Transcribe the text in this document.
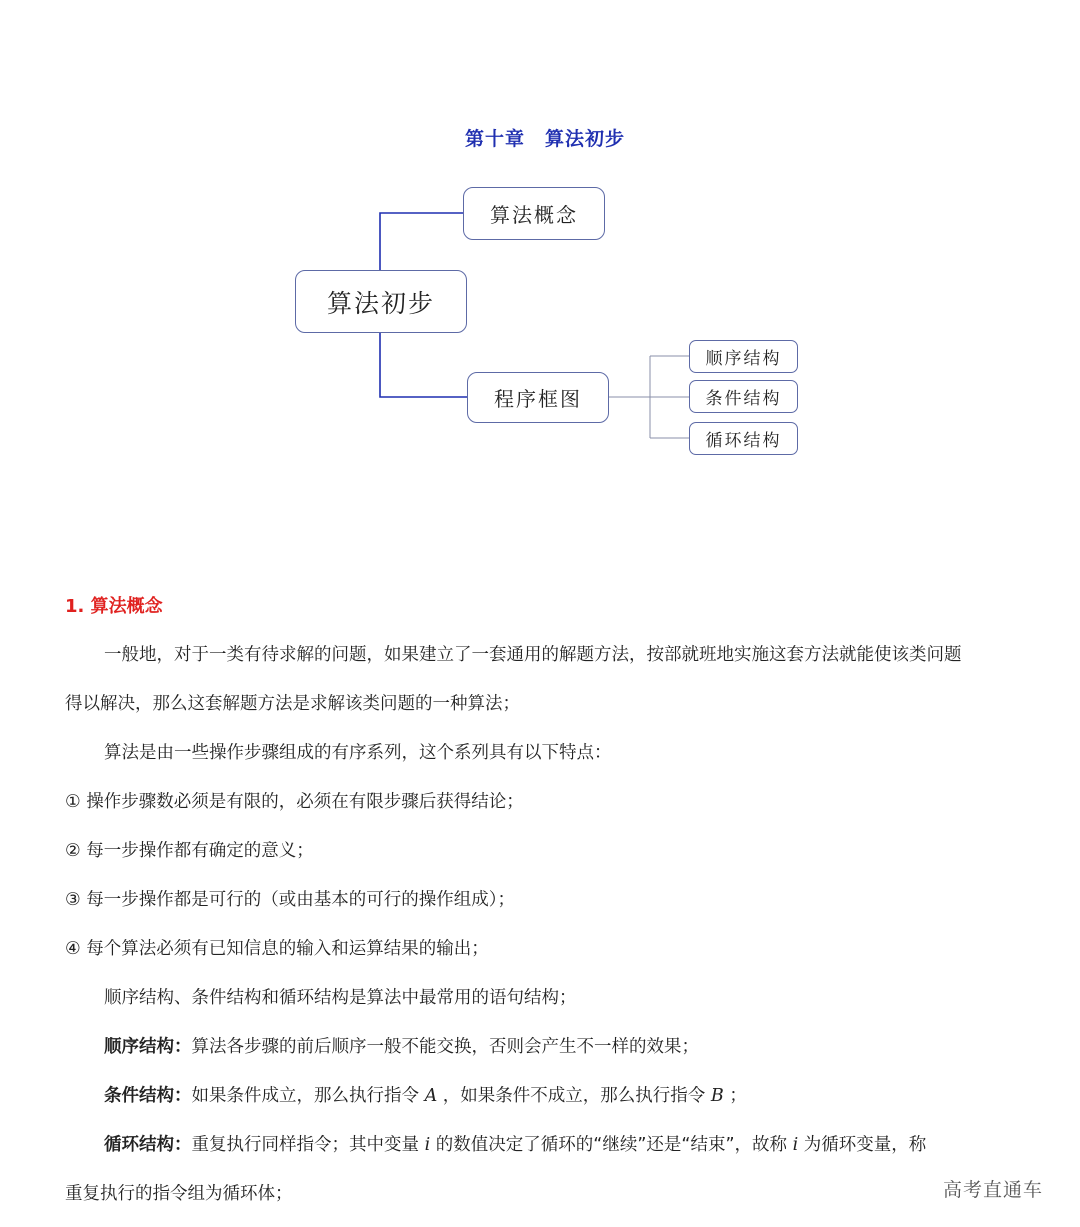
第十章　算法初步
算法初步
算法概念
程序框图
顺序结构
条件结构
循环结构
1. 算法概念
一般地，对于一类有待求解的问题，如果建立了一套通用的解题方法，按部就班地实施这套方法就能使该类问题
得以解决，那么这套解题方法是求解该类问题的一种算法；
算法是由一些操作步骤组成的有序系列，这个系列具有以下特点：
① 操作步骤数必须是有限的，必须在有限步骤后获得结论；
② 每一步操作都有确定的意义；
③ 每一步操作都是可行的（或由基本的可行的操作组成）；
④ 每个算法必须有已知信息的输入和运算结果的输出；
顺序结构、条件结构和循环结构是算法中最常用的语句结构；
顺序结构：算法各步骤的前后顺序一般不能交换，否则会产生不一样的效果；
条件结构：如果条件成立，那么执行指令 A ，如果条件不成立，那么执行指令 B ；
循环结构：重复执行同样指令；其中变量 i 的数值决定了循环的“继续”还是“结束”，故称 i 为循环变量，称
重复执行的指令组为循环体；	高考直通车
